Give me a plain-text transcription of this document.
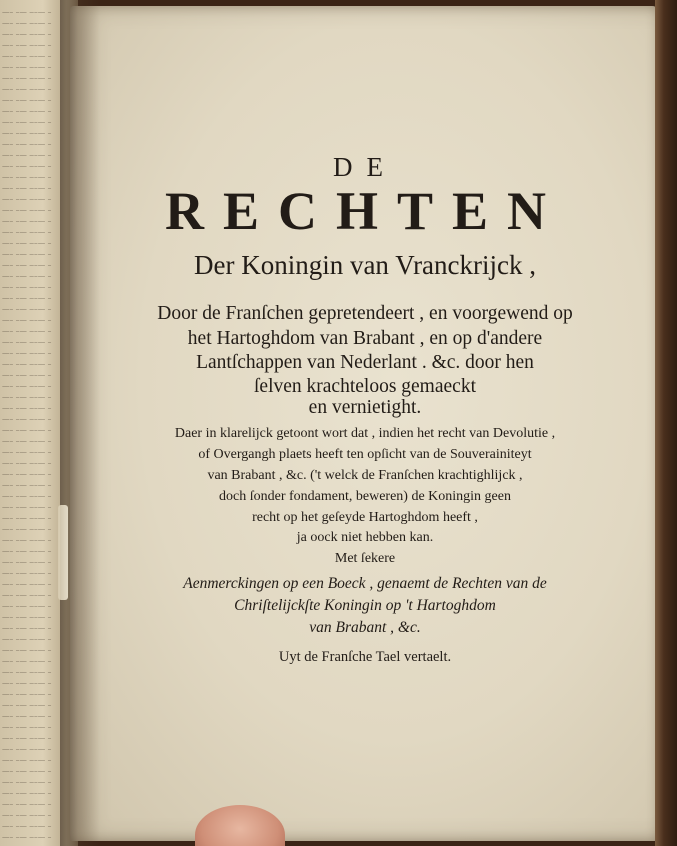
—– –— ‒–— –
—– –— ‒–— –
—– –— ‒–— –
—– –— ‒–— –
—– –— ‒–— –
—– –— ‒–— –
—– –— ‒–— –
—– –— ‒–— –
—– –— ‒–— –
—– –— ‒–— –
—– –— ‒–— –
—– –— ‒–— –
—– –— ‒–— –
—– –— ‒–— –
—– –— ‒–— –
—– –— ‒–— –
—– –— ‒–— –
—– –— ‒–— –
—– –— ‒–— –
—– –— ‒–— –
—– –— ‒–— –
—– –— ‒–— –
—– –— ‒–— –
—– –— ‒–— –
—– –— ‒–— –
—– –— ‒–— –
—– –— ‒–— –
—– –— ‒–— –
—– –— ‒–— –
—– –— ‒–— –
—– –— ‒–— –
—– –— ‒–— –
—– –— ‒–— –
—– –— ‒–— –
—– –— ‒–— –
—– –— ‒–— –
—– –— ‒–— –
—– –— ‒–— –
—– –— ‒–— –
—– –— ‒–— –
—– –— ‒–— –
—– –— ‒–— –
—– –— ‒–— –
—– –— ‒–— –
—– –— ‒–— –
—– –— ‒–— –
—– –— ‒–— –
—– –— ‒–— –
—– –— ‒–— –
—– –— ‒–— –
—– –— ‒–— –
—– –— ‒–— –
—– –— ‒–— –
—– –— ‒–— –
—– –— ‒–— –
—– –— ‒–— –
—– –— ‒–— –
—– –— ‒–— –
—– –— ‒–— –
—– –— ‒–— –
—– –— ‒–— –
—– –— ‒–— –
—– –— ‒–— –
—– –— ‒–— –
—– –— ‒–— –
—– –— ‒–— –
—– –— ‒–— –
—– –— ‒–— –
—– –— ‒–— –
—– –— ‒–— –
—– –— ‒–— –
—– –— ‒–— –
—– –— ‒–— –
—– –— ‒–— –
—– –— ‒–— –
—– –— ‒–— –

DE
RECHTEN
Der Koningin van Vranckrijck ,
Door de Franſchen gepretendeert , en voorgewend op
het Hartoghdom van Brabant , en op d'andere
Lantſchappen van Nederlant . &c. door hen
ſelven krachteloos gemaeckt
en vernietight.
Daer in klarelijck getoont wort dat , indien het recht van Devolutie ,
of Overgangh plaets heeft ten opſicht van de Souverainiteyt
van Brabant , &c. ('t welck de Franſchen krachtighlijck ,
doch ſonder fondament, beweren) de Koningin geen
recht op het geſeyde Hartoghdom heeft ,
ja oock niet hebben kan.
Met ſekere
Aenmerckingen op een Boeck , genaemt de Rechten van de
Chriſtelijckſte Koningin op 't Hartoghdom
van Brabant , &c.
Uyt de Franſche Tael vertaelt.
